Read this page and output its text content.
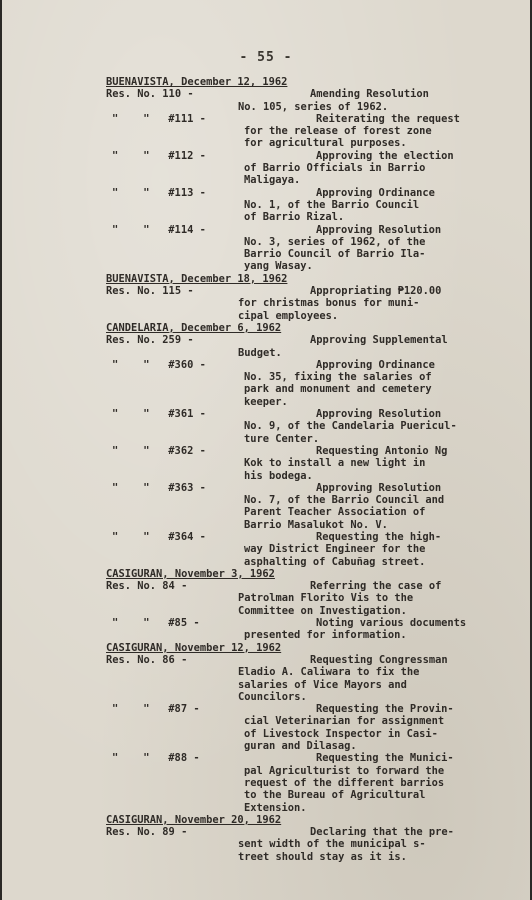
- 55 -
BUENAVISTA, December 12, 1962
Res. No. 110 -	Amending Resolution
No. 105, series of 1962.
"    "   #111 -	Reiterating the request
for the release of forest zone
for agricultural purposes.
"    "   #112 -	Approving the election
of Barrio Officials in Barrio
Maligaya.
"    "   #113 -	Approving Ordinance
No. 1, of the Barrio Council
of Barrio Rizal.
"    "   #114 -	Approving Resolution
No. 3, series of 1962, of the
Barrio Council of Barrio Ila-
yang Wasay.
BUENAVISTA, December 18, 1962
Res. No. 115 -	Appropriating ₱120.00
for christmas bonus for muni-
cipal employees.
CANDELARIA, December 6, 1962
Res. No. 259 -	Approving Supplemental
Budget.
"    "   #360 -	Approving Ordinance
No. 35, fixing the salaries of
park and monument and cemetery
keeper.
"    "   #361 -	Approving Resolution
No. 9, of the Candelaria Puericul-
ture Center.
"    "   #362 -	Requesting Antonio Ng
Kok to install a new light in
his bodega.
"    "   #363 -	Approving Resolution
No. 7, of the Barrio Council and
Parent Teacher Association of
Barrio Masalukot No. V.
"    "   #364 -	Requesting the high-
way District Engineer for the
asphalting of Cabuñag street.
CASIGURAN, November 3, 1962
Res. No. 84 -	Referring the case of
Patrolman Florito Vis to the
Committee on Investigation.
"    "   #85 -	Noting various documents
presented for information.
CASIGURAN, November 12, 1962
Res. No. 86 -	Requesting Congressman
Eladio A. Caliwara to fix the
salaries of Vice Mayors and
Councilors.
"    "   #87 -	Requesting the Provin-
cial Veterinarian for assignment
of Livestock Inspector in Casi-
guran and Dilasag.
"    "   #88 -	Requesting the Munici-
pal Agriculturist to forward the
request of the different barrios
to the Bureau of Agricultural
Extension.
CASIGURAN, November 20, 1962
Res. No. 89 -	Declaring that the pre-
sent width of the municipal s-
treet should stay as it is.
